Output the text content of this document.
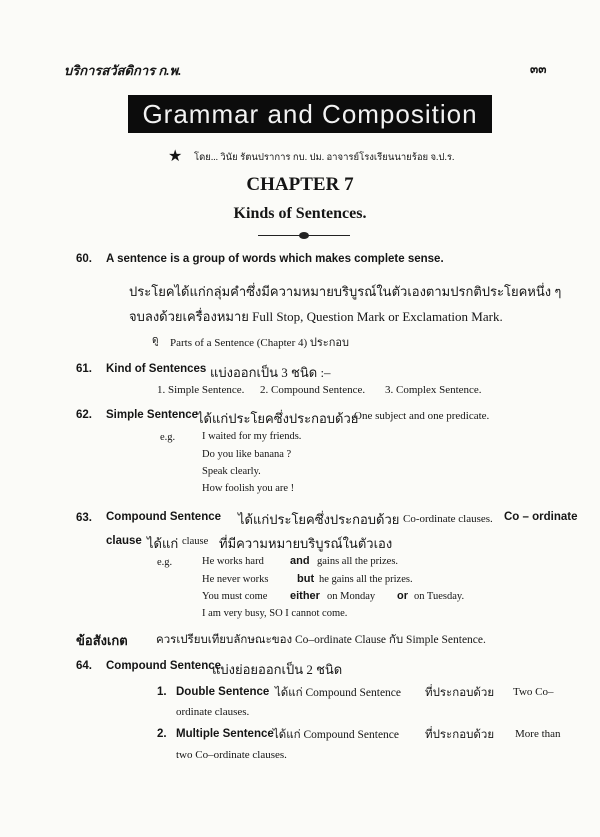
บริการสวัสดิการ ก.พ.	๓๓
Grammar and Composition
★ โดย... วินัย รัตนปราการ กบ. ปม. อาจารย์โรงเรียนนายร้อย จ.ป.ร.
CHAPTER 7
Kinds of Sentences.
60. A sentence is a group of words which makes complete sense.
ประโยคได้แก่กลุ่มคำซึ่งมีความหมายบริบูรณ์ในตัวเองตามปรกติประโยคหนึ่ง ๆ
จบลงด้วยเครื่องหมาย Full Stop, Question Mark or Exclamation Mark.
ดู Parts of a Sentence (Chapter 4) ประกอบ
61. Kind of Sentences แบ่งออกเป็น 3 ชนิด :–
1. Simple Sentence. 2. Compound Sentence. 3. Complex Sentence.
62. Simple Sentence
ได้แก่ประโยคซึ่งประกอบด้วย
One subject and one predicate.
e.g.	I waited for my friends.
Do you like banana ?
Speak clearly.
How foolish you are !
63. Compound Sentence ได้แก่ประโยคซึ่งประกอบด้วย Co-ordinate clauses. Co – ordinate
clause ได้แก่ clause ที่มีความหมายบริบูรณ์ในตัวเอง
e.g.	He works hard and gains all the prizes.
He never works	but he gains all the prizes.
You must come either on Monday or on Tuesday.
I am very busy, SO I cannot come.
ข้อสังเกต ควรเปรียบเทียบลักษณะของ Co–ordinate Clause กับ Simple Sentence.
64. Compound Sentence
แบ่งย่อยออกเป็น 2 ชนิด
1. Double Sentence ได้แก่ Compound Sentence ที่ประกอบด้วย Two Co–
ordinate clauses.
2. Multiple Sentence ได้แก่ Compound Sentence ที่ประกอบด้วย More than
two Co–ordinate clauses.
